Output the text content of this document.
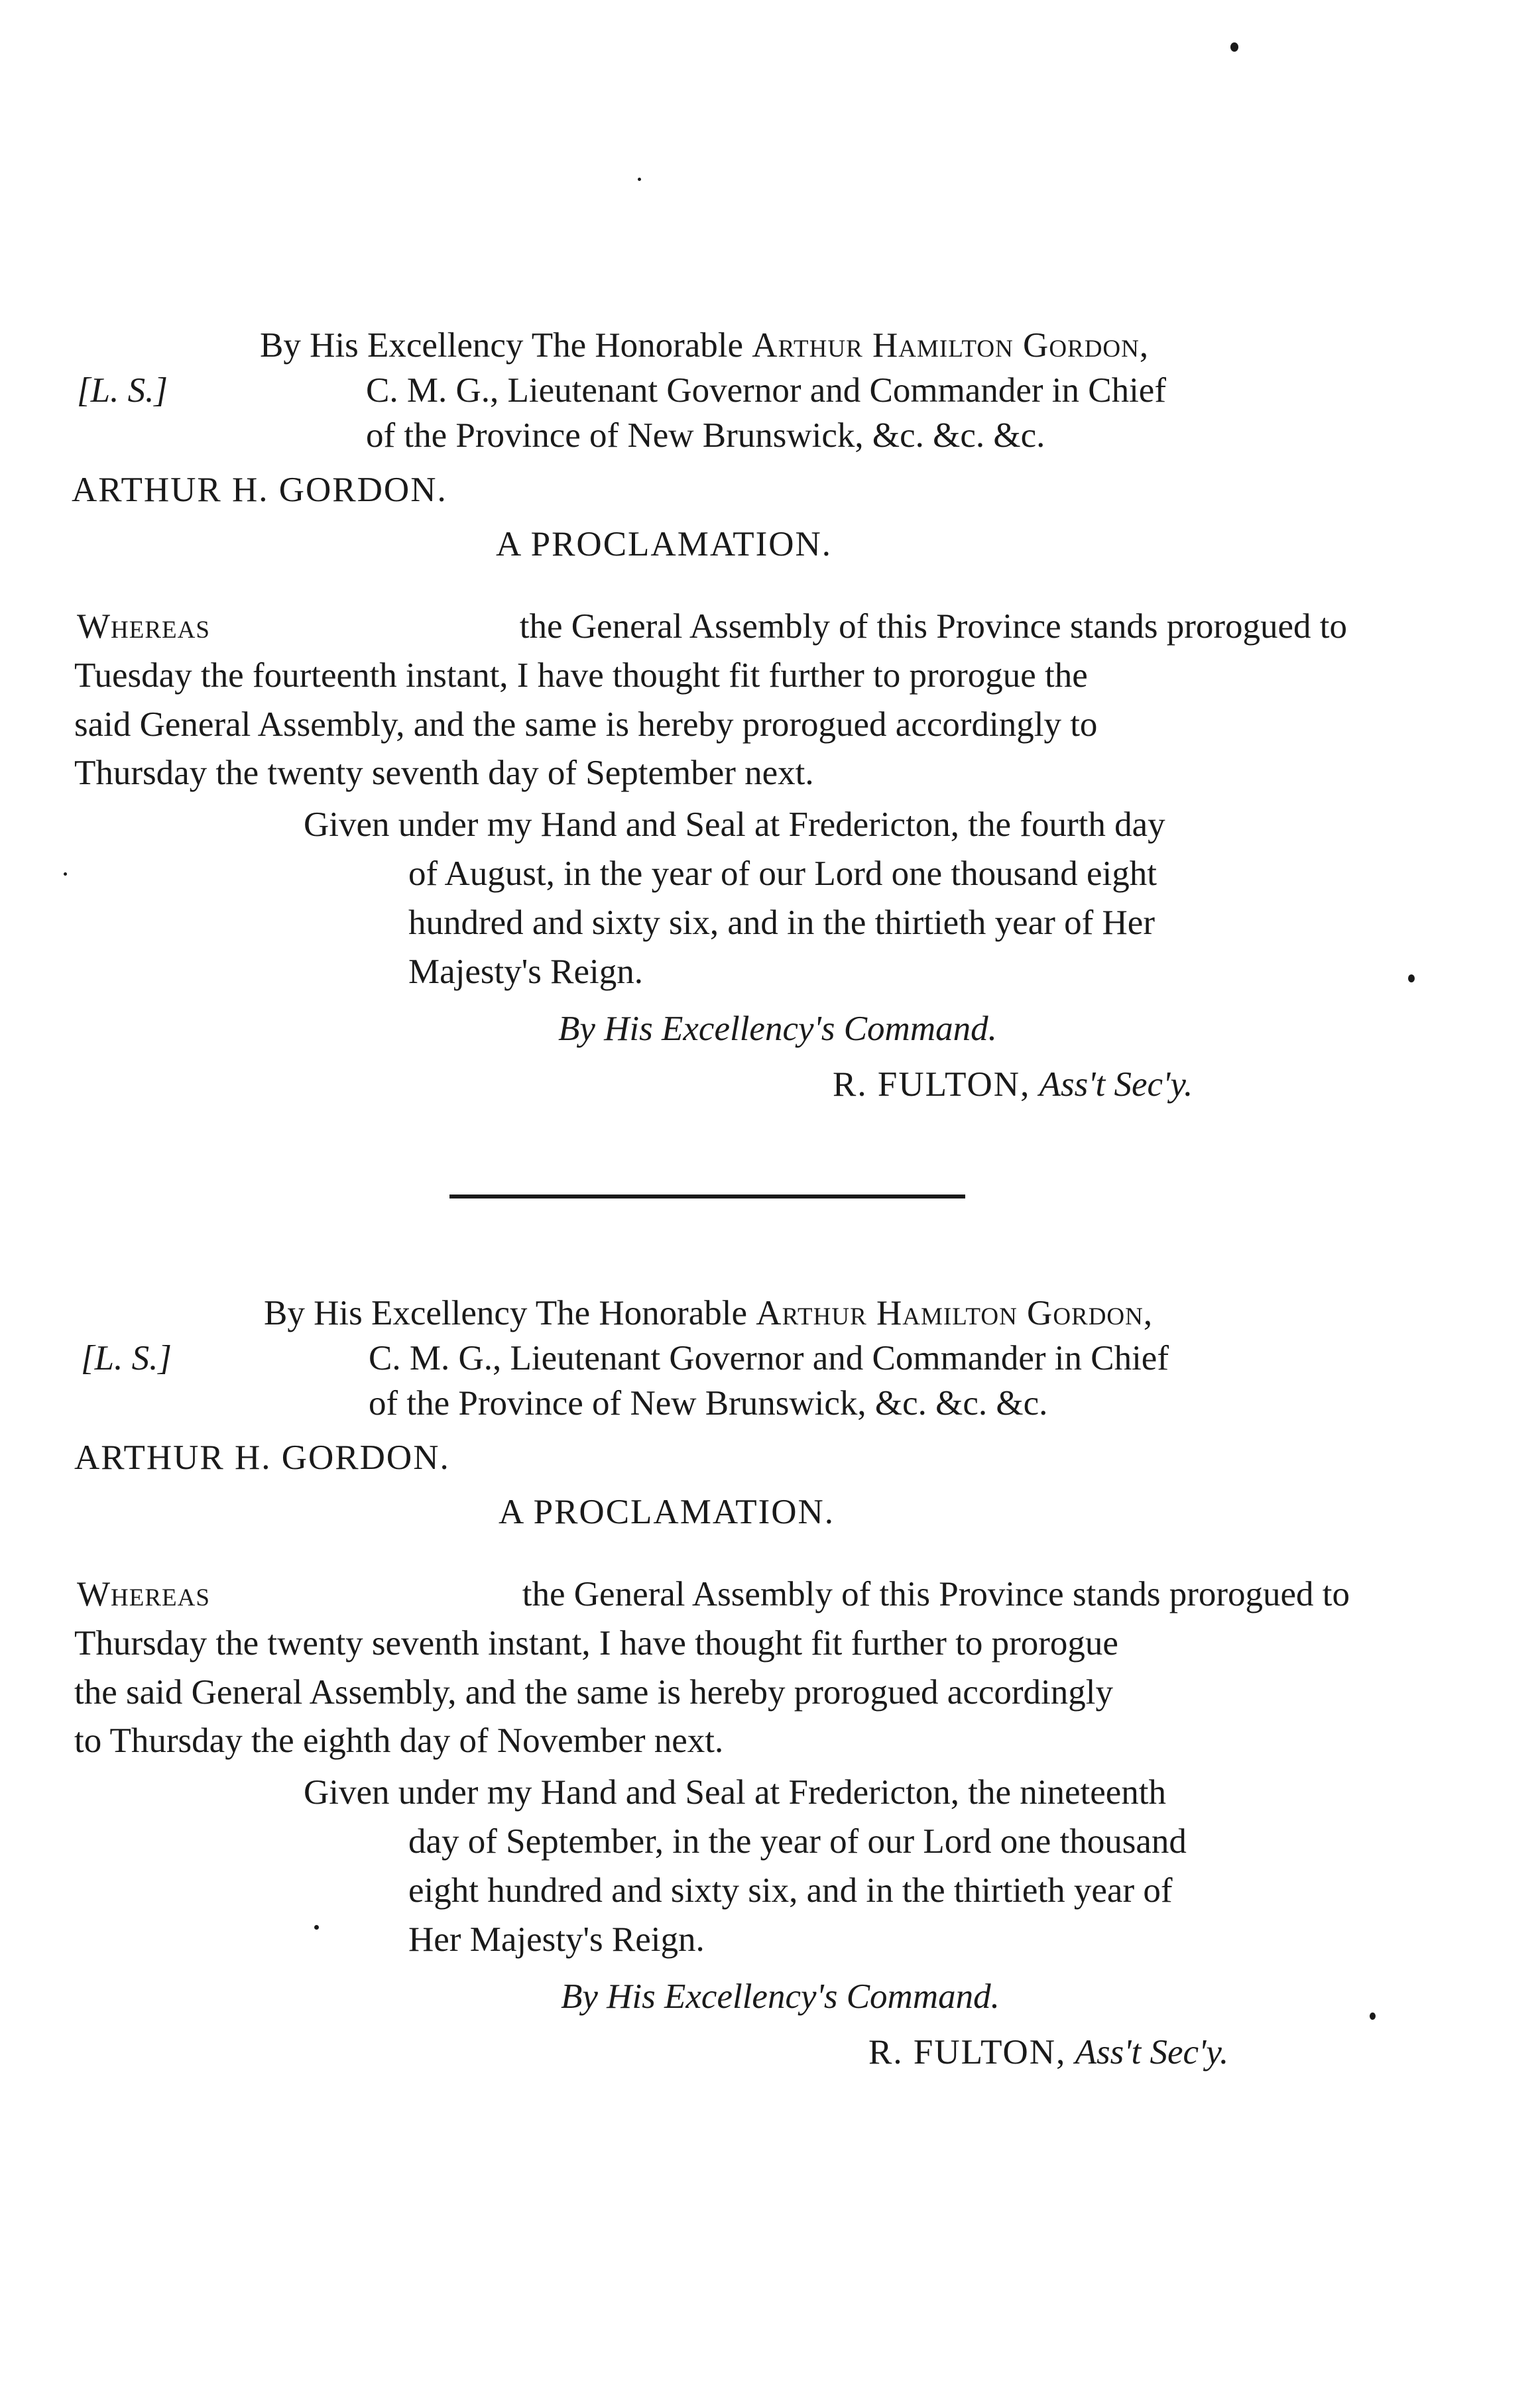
By His Excellency The Honorable Arthur Hamilton Gordon,
[L. S.]	C. M. G., Lieutenant Governor and Commander in Chief
of the Province of New Brunswick, &c. &c. &c.
ARTHUR H. GORDON.
A PROCLAMATION.
Whereas	the General Assembly of this Province stands prorogued to
Tuesday the fourteenth instant, I have thought fit further to prorogue the
said General Assembly, and the same is hereby prorogued accordingly to
Thursday the twenty seventh day of September next.
Given under my Hand and Seal at Fredericton, the fourth day
of August, in the year of our Lord one thousand eight
hundred and sixty six, and in the thirtieth year of Her
Majesty's Reign.
By His Excellency's Command.
R. FULTON, Ass't Sec'y.
By His Excellency The Honorable Arthur Hamilton Gordon,
[L. S.]	C. M. G., Lieutenant Governor and Commander in Chief
of the Province of New Brunswick, &c. &c. &c.
ARTHUR H. GORDON.
A PROCLAMATION.
Whereas	the General Assembly of this Province stands prorogued to
Thursday the twenty seventh instant, I have thought fit further to prorogue
the said General Assembly, and the same is hereby prorogued accordingly
to Thursday the eighth day of November next.
Given under my Hand and Seal at Fredericton, the nineteenth
day of September, in the year of our Lord one thousand
eight hundred and sixty six, and in the thirtieth year of
Her Majesty's Reign.
By His Excellency's Command.
R. FULTON, Ass't Sec'y.
